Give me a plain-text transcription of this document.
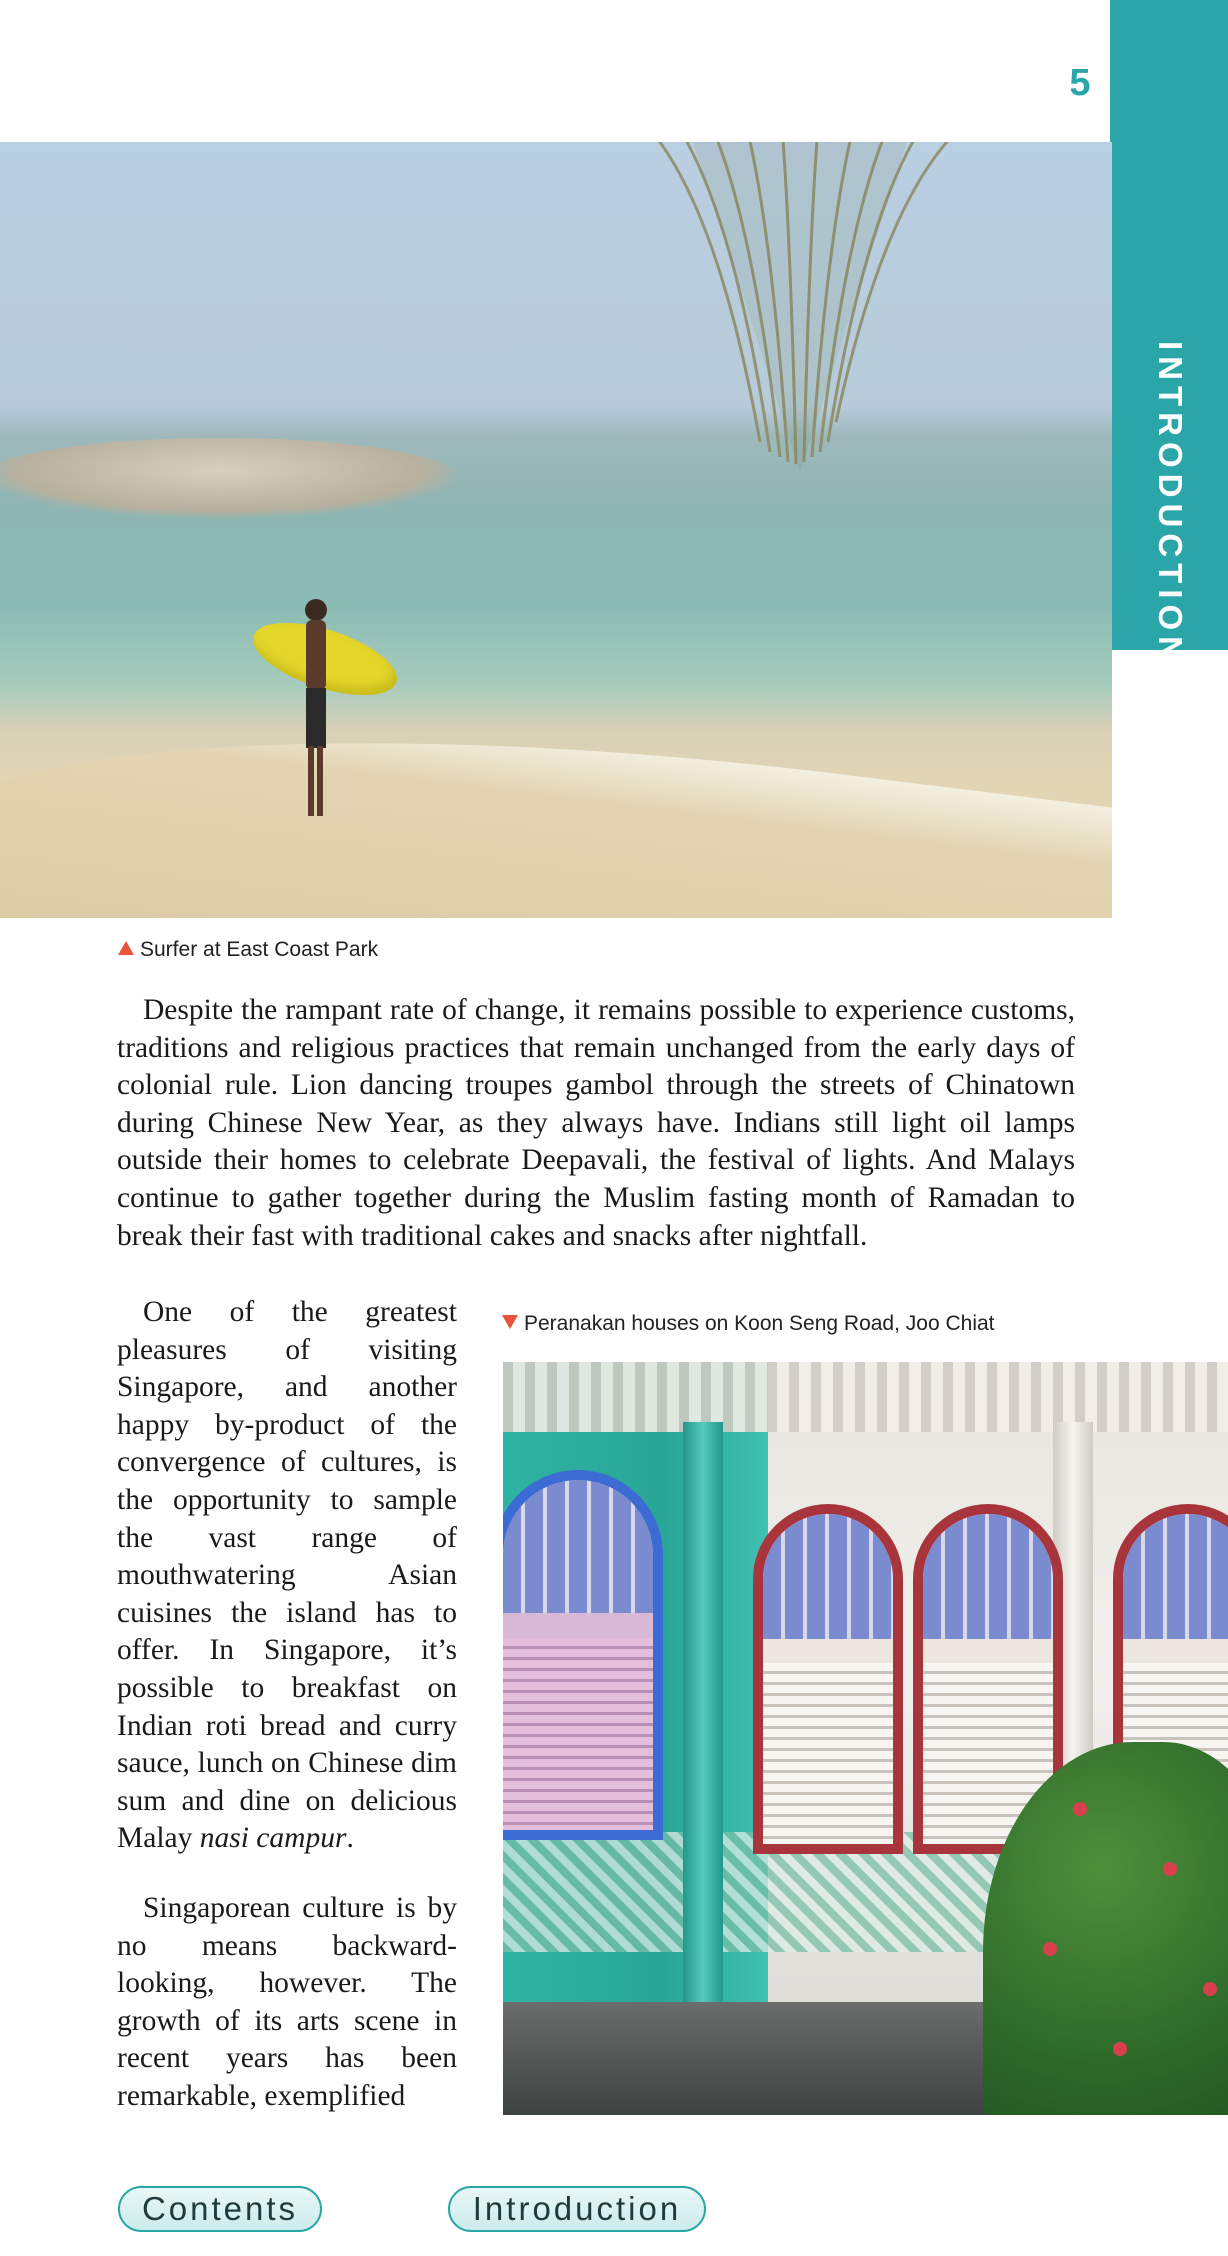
INTRODUCTION
5
Surfer at East Coast Park

Despite the rampant rate of change, it remains possible to experience customs, traditions and religious practices that remain unchanged from the early days of colonial rule. Lion dancing troupes gambol through the streets of Chinatown during Chinese New Year, as they always have. Indians still light oil lamps outside their homes to celebrate Deepavali, the festival of lights. And Malays continue to gather together during the Muslim fasting month of Ramadan to break their fast with traditional cakes and snacks after nightfall.

Peranakan houses on Koon Seng Road, Joo Chiat

One of the greatest pleasures of visiting Singapore, and another happy by-product of the convergence of cultures, is the opportunity to sample the vast range of mouthwatering Asian cuisines the island has to offer. In Singapore, it’s possible to breakfast on Indian roti bread and curry sauce, lunch on Chinese dim sum and dine on delicious Malay nasi campur.

Singaporean culture is by no means backward-looking, however. The growth of its arts scene in recent years has been remarkable, exemplified

Contents	Introduction
